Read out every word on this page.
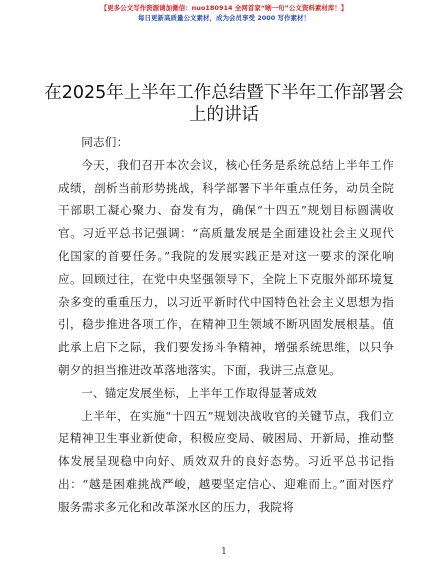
【更多公文写作资源请加微信：nuo180914 全网首家“晰一句”公文资料素材库！】
每日更新高质量公文素材，成为会员享受 2000 写作素材！
在2025年上半年工作总结暨下半年工作部署会上的讲话

同志们：

今天，我们召开本次会议，核心任务是系统总结上半年工作成绩，剖析当前形势挑战，科学部署下半年重点任务，动员全院干部职工凝心聚力、奋发有为，确保“十四五”规划目标圆满收官。习近平总书记强调：“高质量发展是全面建设社会主义现代化国家的首要任务。”我院的发展实践正是对这一要求的深化响应。回顾过往，在党中央坚强领导下，全院上下克服外部环境复杂多变的重重压力，以习近平新时代中国特色社会主义思想为指引，稳步推进各项工作，在精神卫生领域不断巩固发展根基。值此承上启下之际，我们要发扬斗争精神，增强系统思维，以只争朝夕的担当推进改革落地落实。下面，我讲三点意见。

一、锚定发展坐标，上半年工作取得显著成效

上半年，在实施“十四五”规划决战收官的关键节点，我们立足精神卫生事业新使命，积极应变局、破困局、开新局，推动整体发展呈现稳中向好、质效双升的良好态势。习近平总书记指出：“越是困难挑战严峻，越要坚定信心、迎难而上。”面对医疗服务需求多元化和改革深水区的压力，我院将

1
